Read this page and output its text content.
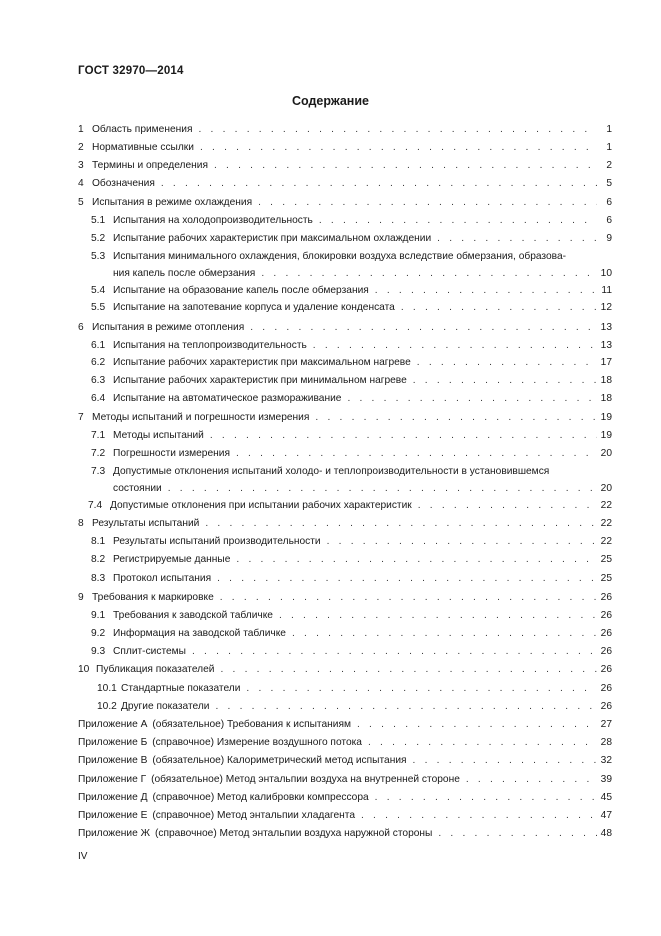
ГОСТ 32970—2014
Содержание
1 Область применения . . .	1
2 Нормативные ссылки . . .	1
3 Термины и определения . . .	2
4 Обозначения . . .	5
5 Испытания в режиме охлаждения . . .	6
5.1 Испытания на холодопроизводительность . . .	6
5.2 Испытание рабочих характеристик при максимальном охлаждении . . .	9
5.3 Испытания минимального охлаждения, блокировки воздуха вследствие обмерзания, образова-
ния капель после обмерзания . . .	10
5.4 Испытание на образование капель после обмерзания . . .	11
5.5 Испытание на запотевание корпуса и удаление конденсата . . .	12
6 Испытания в режиме отопления . . .	13
6.1 Испытания на теплопроизводительность . . .	13
6.2 Испытание рабочих характеристик при максимальном нагреве . . .	17
6.3 Испытание рабочих характеристик при минимальном нагреве . . .	18
6.4 Испытание на автоматическое размораживание . . .	18
7 Методы испытаний и погрешности измерения . . .	19
7.1 Методы испытаний . . .	19
7.2 Погрешности измерения . . .	20
7.3 Допустимые отклонения испытаний холодо- и теплопроизводительности в установившемся
состоянии . . .	20
7.4 Допустимые отклонения при испытании рабочих характеристик . . .	22
8 Результаты испытаний . . .	22
8.1 Результаты испытаний производительности . . .	22
8.2 Регистрируемые данные . . .	25
8.3 Протокол испытания . . .	25
9 Требования к маркировке . . .	26
9.1 Требования к заводской табличке . . .	26
9.2 Информация на заводской табличке . . .	26
9.3 Сплит-системы . . .	26
10 Публикация показателей . . .	26
10.1 Стандартные показатели . . .	26
10.2 Другие показатели . . .	26
Приложение А (обязательное) Требования к испытаниям . . .	27
Приложение Б (справочное) Измерение воздушного потока . . .	28
Приложение В (обязательное) Калориметрический метод испытания . . .	32
Приложение Г (обязательное) Метод энтальпии воздуха на внутренней стороне . . .	39
Приложение Д (справочное) Метод калибровки компрессора . . .	45
Приложение Е (справочное) Метод энтальпии хладагента . . .	47
Приложение Ж (справочное) Метод энтальпии воздуха наружной стороны . . .	48
IV
